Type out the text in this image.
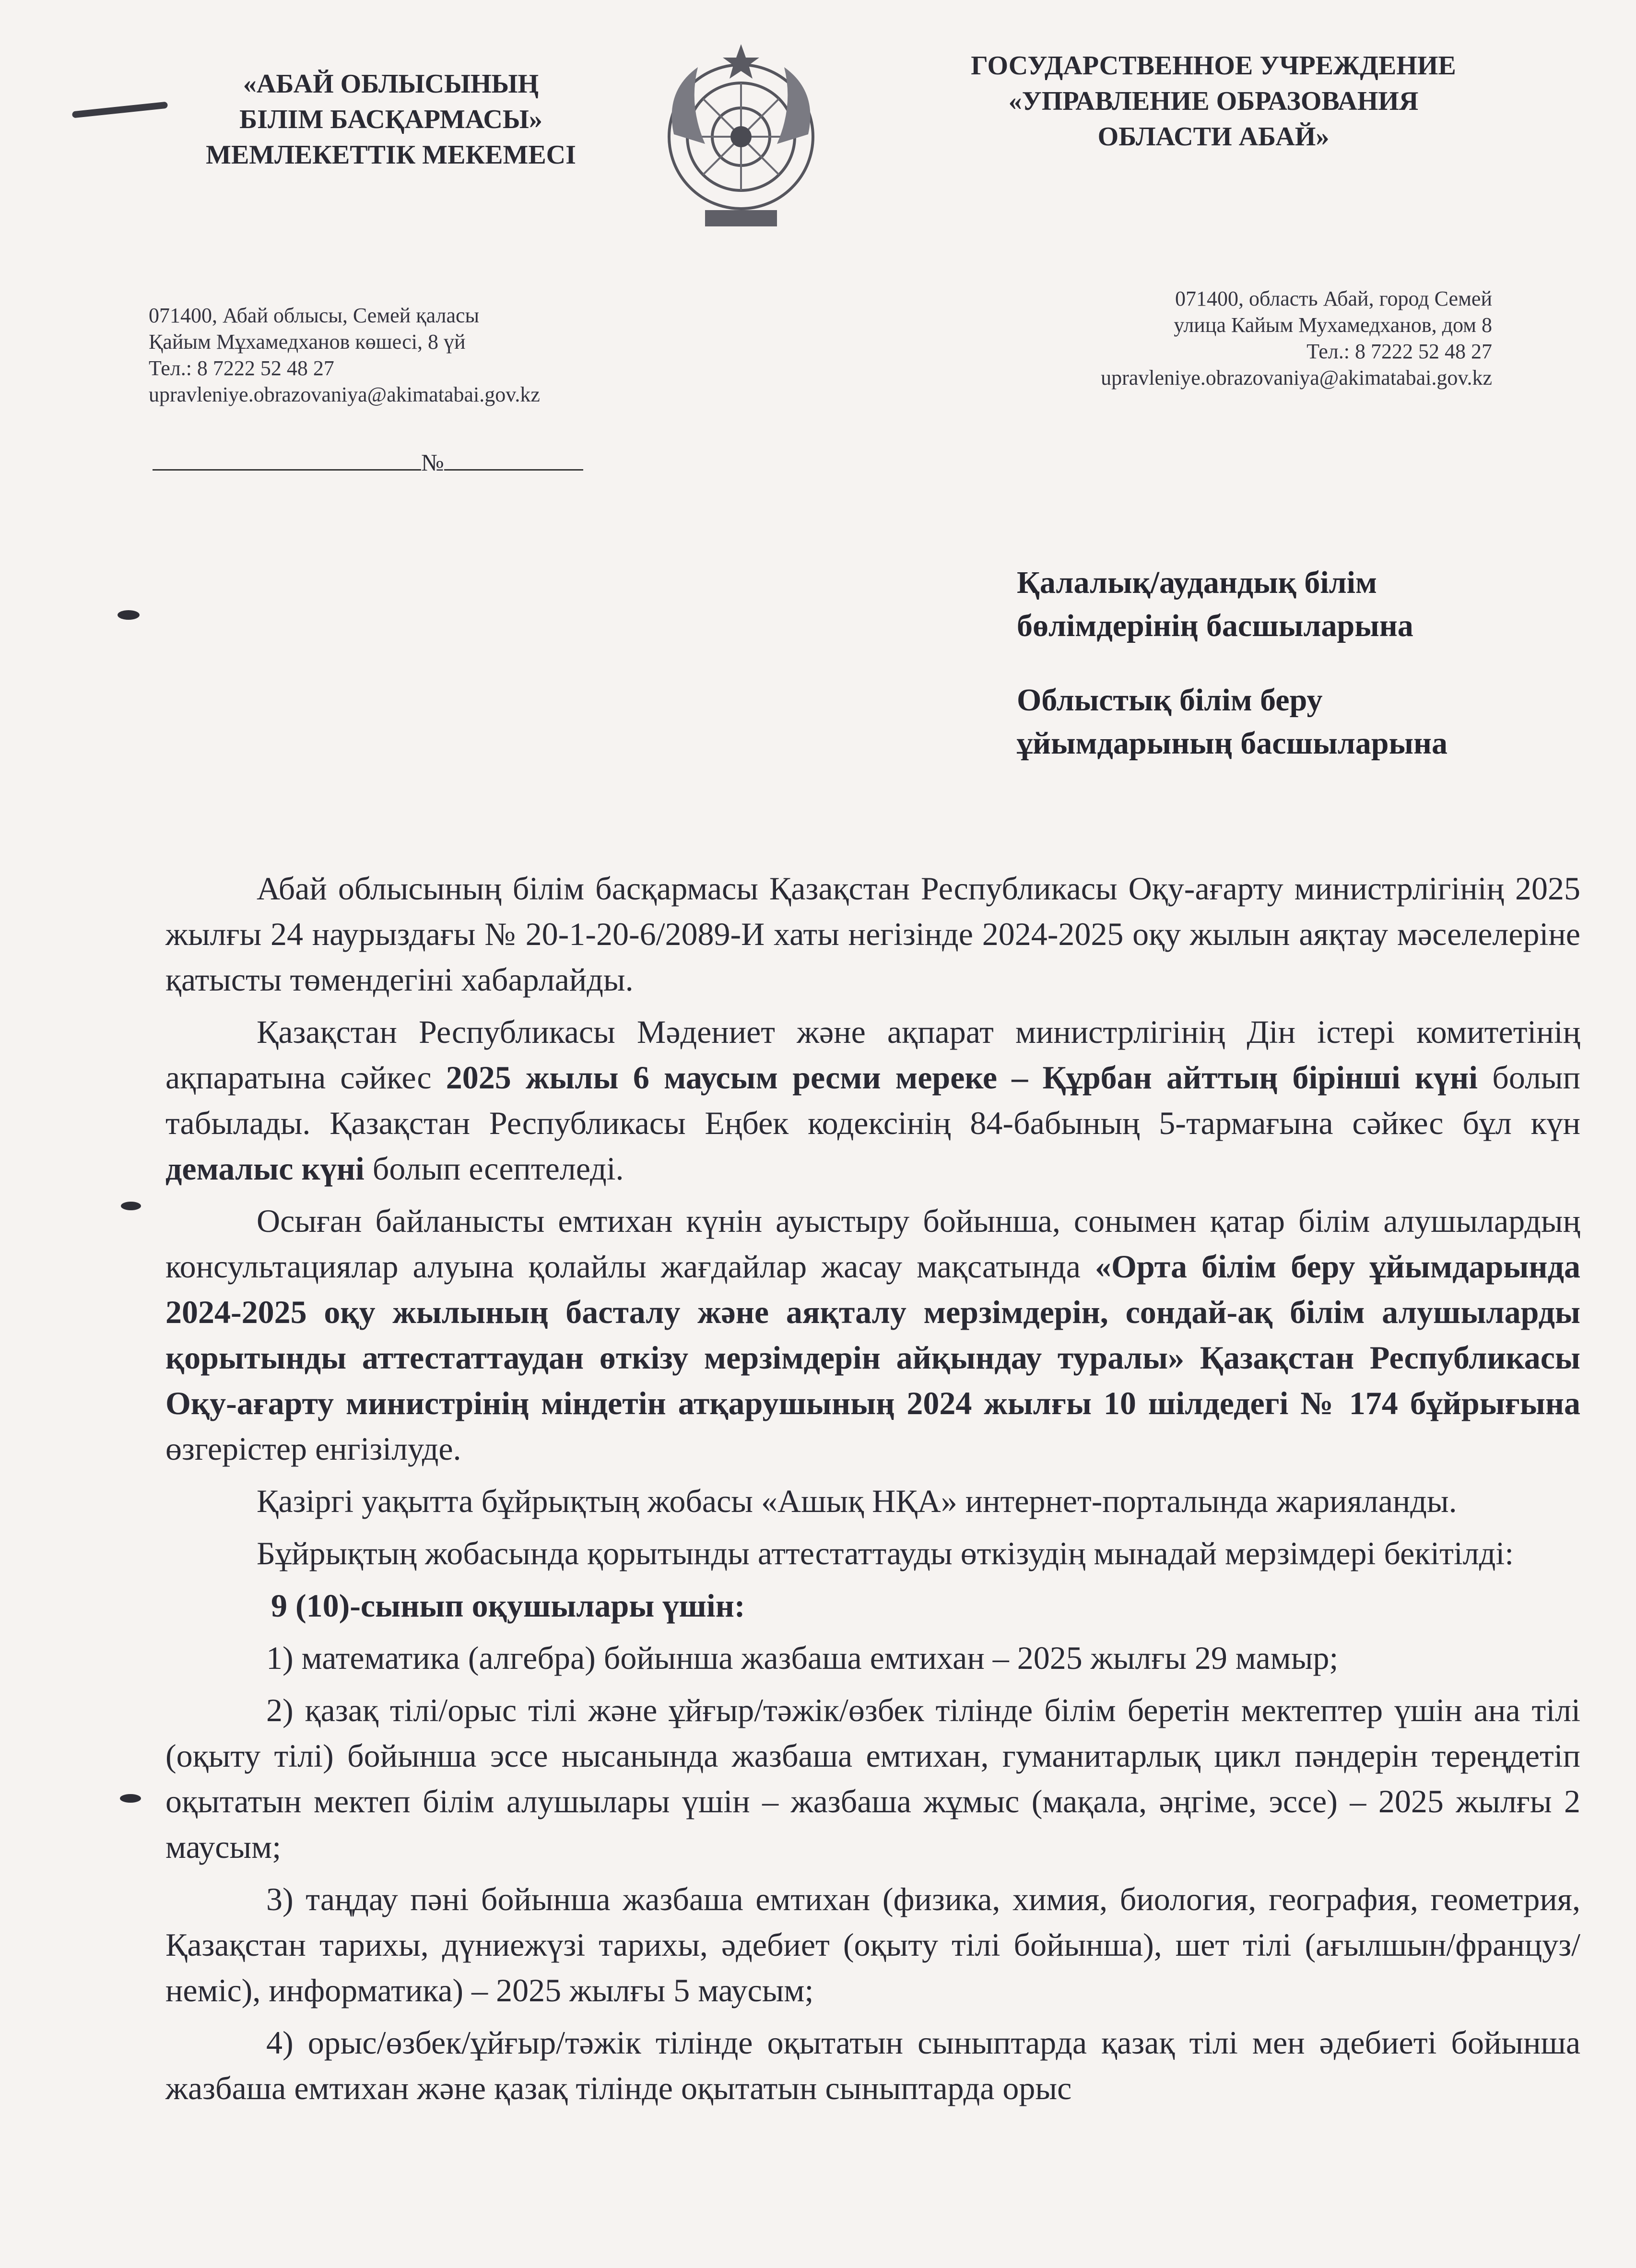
«АБАЙ ОБЛЫСЫНЫҢ
БІЛІМ БАСҚАРМАСЫ»
МЕМЛЕКЕТТІК МЕКЕМЕСІ
ГОСУДАРСТВЕННОЕ УЧРЕЖДЕНИЕ
«УПРАВЛЕНИЕ ОБРАЗОВАНИЯ
ОБЛАСТИ АБАЙ»
071400, Абай облысы, Семей қаласы
Қайым Мұхамедханов көшесі, 8 үй
Тел.: 8 7222 52 48 27
upravleniye.obrazovaniya@akimatabai.gov.kz
071400, область Абай, город Семей
улица Кайым Мухамедханов, дом 8
Тел.: 8 7222 52 48 27
upravleniye.obrazovaniya@akimatabai.gov.kz
№
Қалалық/аудандық білім
бөлімдерінің басшыларына
Облыстық білім беру
ұйымдарының басшыларына

Абай облысының білім басқармасы Қазақстан Республикасы Оқу-ағарту министрлігінің 2025 жылғы 24 наурыздағы № 20-1-20-6/2089-И хаты негізінде 2024-2025 оқу жылын аяқтау мәселелеріне қатысты төмендегіні хабарлайды.

Қазақстан Республикасы Мәдениет және ақпарат министрлігінің Дін істері комитетінің ақпаратына сәйкес 2025 жылы 6 маусым ресми мереке – Құрбан айттың бірінші күні болып табылады. Қазақстан Республикасы Еңбек кодексінің 84-бабының 5-тармағына сәйкес бұл күн демалыс күні болып есептеледі.

Осыған байланысты емтихан күнін ауыстыру бойынша, сонымен қатар білім алушылардың консультациялар алуына қолайлы жағдайлар жасау мақсатында «Орта білім беру ұйымдарында 2024-2025 оқу жылының басталу және аяқталу мерзімдерін, сондай-ақ білім алушыларды қорытынды аттестаттаудан өткізу мерзімдерін айқындау туралы» Қазақстан Республикасы Оқу-ағарту министрінің міндетін атқарушының 2024 жылғы 10 шілдедегі № 174 бұйрығына өзгерістер енгізілуде.

Қазіргі уақытта бұйрықтың жобасы «Ашық НҚА» интернет-порталында жарияланды.

Бұйрықтың жобасында қорытынды аттестаттауды өткізудің мынадай мерзімдері бекітілді:

9 (10)-сынып оқушылары үшін:

1) математика (алгебра) бойынша жазбаша емтихан – 2025 жылғы 29 мамыр;

2) қазақ тілі/орыс тілі және ұйғыр/тәжік/өзбек тілінде білім беретін мектептер үшін ана тілі (оқыту тілі) бойынша эссе нысанында жазбаша емтихан, гуманитарлық цикл пәндерін тереңдетіп оқытатын мектеп білім алушылары үшін – жазбаша жұмыс (мақала, әңгіме, эссе) – 2025 жылғы 2 маусым;

3) таңдау пәні бойынша жазбаша емтихан (физика, химия, биология, география, геометрия, Қазақстан тарихы, дүниежүзі тарихы, әдебиет (оқыту тілі бойынша), шет тілі (ағылшын/француз/неміс), информатика) – 2025 жылғы 5 маусым;

4) орыс/өзбек/ұйғыр/тәжік тілінде оқытатын сыныптарда қазақ тілі мен әдебиеті бойынша жазбаша емтихан және қазақ тілінде оқытатын сыныптарда орыс
